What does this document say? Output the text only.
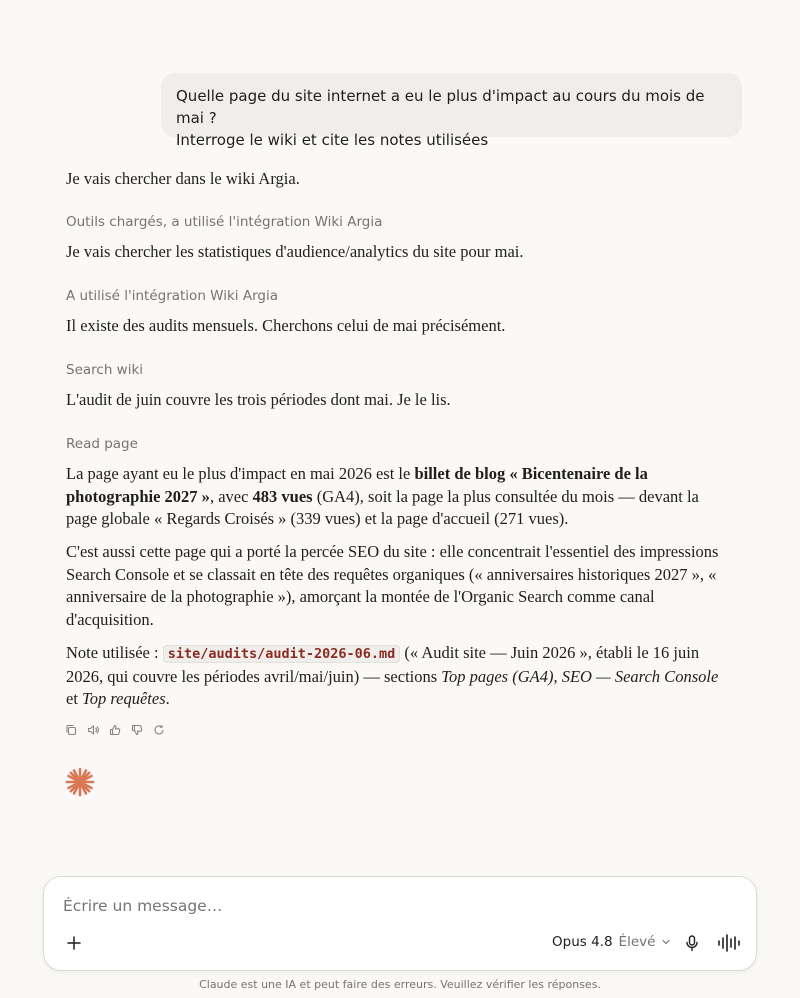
Quelle page du site internet a eu le plus d'impact au cours du mois de mai ?
Interroge le wiki et cite les notes utilisées
Je vais chercher dans le wiki Argia.
Outils chargés, a utilisé l'intégration Wiki Argia
Je vais chercher les statistiques d'audience/analytics du site pour mai.
A utilisé l'intégration Wiki Argia
Il existe des audits mensuels. Cherchons celui de mai précisément.
Search wiki
L'audit de juin couvre les trois périodes dont mai. Je le lis.
Read page
La page ayant eu le plus d'impact en mai 2026 est le billet de blog « Bicentenaire de la photographie 2027 », avec 483 vues (GA4), soit la page la plus consultée du mois — devant la page globale « Regards Croisés » (339 vues) et la page d'accueil (271 vues).
C'est aussi cette page qui a porté la percée SEO du site : elle concentrait l'essentiel des impressions Search Console et se classait en tête des requêtes organiques (« anniversaires historiques 2027 », « anniversaire de la photographie »), amorçant la montée de l'Organic Search comme canal d'acquisition.
Note utilisée : site/audits/audit-2026-06.md (« Audit site — Juin 2026 », établi le 16 juin 2026, qui couvre les périodes avril/mai/juin) — sections Top pages (GA4), SEO — Search Console et Top requêtes.
Écrire un message…
Opus 4.8 Élevé
Claude est une IA et peut faire des erreurs. Veuillez vérifier les réponses.
